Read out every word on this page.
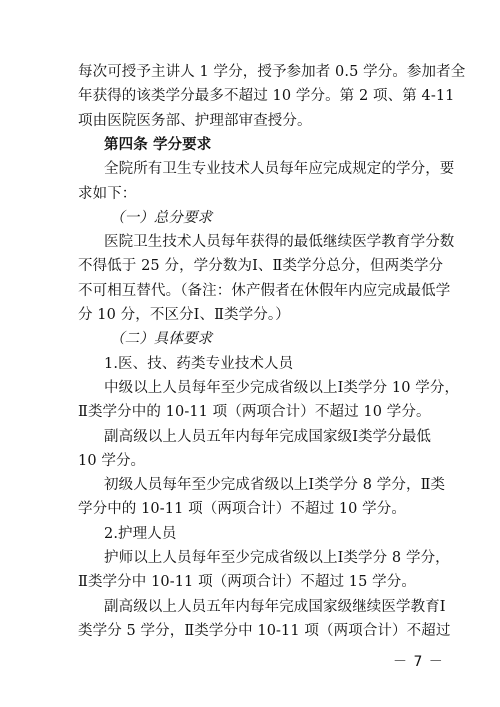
每次可授予主讲人 1 学分，授予参加者 0.5 学分。参加者全
年获得的该类学分最多不超过 10 学分。第 2 项、第 4-11
项由医院医务部、护理部审查授分。
第四条 学分要求
全院所有卫生专业技术人员每年应完成规定的学分，要
求如下：
（一）总分要求
医院卫生技术人员每年获得的最低继续医学教育学分数
不得低于 25 分，学分数为Ⅰ、Ⅱ类学分总分，但两类学分
不可相互替代。（备注：休产假者在休假年内应完成最低学
分 10 分，不区分Ⅰ、Ⅱ类学分。）
（二）具体要求
1.医、技、药类专业技术人员
中级以上人员每年至少完成省级以上Ⅰ类学分 10 学分，
Ⅱ类学分中的 10-11 项（两项合计）不超过 10 学分。
副高级以上人员五年内每年完成国家级Ⅰ类学分最低
10 学分。
初级人员每年至少完成省级以上Ⅰ类学分 8 学分，Ⅱ类
学分中的 10-11 项（两项合计）不超过 10 学分。
2.护理人员
护师以上人员每年至少完成省级以上Ⅰ类学分 8 学分，
Ⅱ类学分中 10-11 项（两项合计）不超过 15 学分。
副高级以上人员五年内每年完成国家级继续医学教育Ⅰ
类学分 5 学分，Ⅱ类学分中 10-11 项（两项合计）不超过
－ 7 －
